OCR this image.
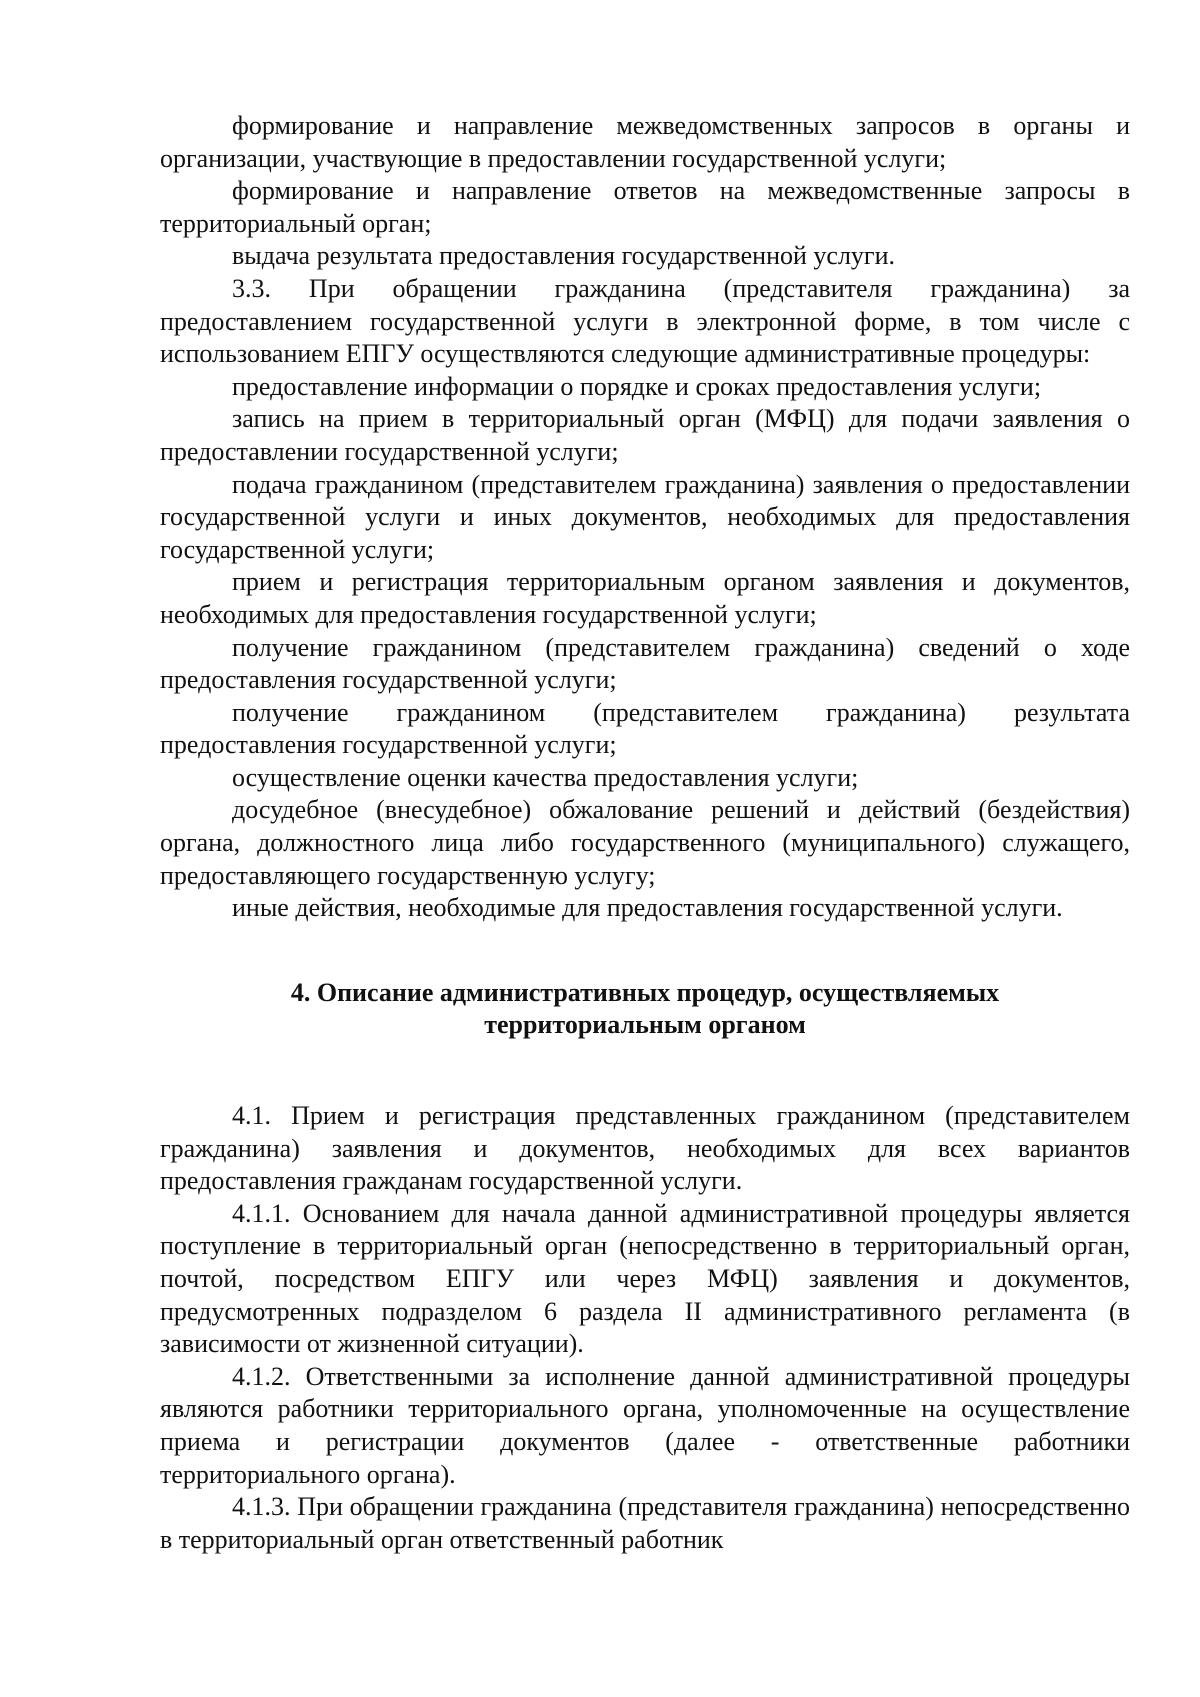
формирование и направление межведомственных запросов в органы и организации, участвующие в предоставлении государственной услуги;

формирование и направление ответов на межведомственные запросы в территориальный орган;

выдача результата предоставления государственной услуги.

3.3. При обращении гражданина (представителя гражданина) за предоставлением государственной услуги в электронной форме, в том числе с использованием ЕПГУ осуществляются следующие административные процедуры:

предоставление информации о порядке и сроках предоставления услуги;

запись на прием в территориальный орган (МФЦ) для подачи заявления о предоставлении государственной услуги;

подача гражданином (представителем гражданина) заявления о предоставлении государственной услуги и иных документов, необходимых для предоставления государственной услуги;

прием и регистрация территориальным органом заявления и документов, необходимых для предоставления государственной услуги;

получение гражданином (представителем гражданина) сведений о ходе предоставления государственной услуги;

получение гражданином (представителем гражданина) результата предоставления государственной услуги;

осуществление оценки качества предоставления услуги;

досудебное (внесудебное) обжалование решений и действий (бездействия) органа, должностного лица либо государственного (муниципального) служащего, предоставляющего государственную услугу;

иные действия, необходимые для предоставления государственной услуги.

4. Описание административных процедур, осуществляемых

территориальным органом

4.1. Прием и регистрация представленных гражданином (представителем гражданина) заявления и документов, необходимых для всех вариантов предоставления гражданам государственной услуги.

4.1.1. Основанием для начала данной административной процедуры является поступление в территориальный орган (непосредственно в территориальный орган, почтой, посредством ЕПГУ или через МФЦ) заявления и документов, предусмотренных подразделом 6 раздела II административного регламента (в зависимости от жизненной ситуации).

4.1.2. Ответственными за исполнение данной административной процедуры являются работники территориального органа, уполномоченные на осуществление приема и регистрации документов (далее - ответственные работники территориального органа).

4.1.3. При обращении гражданина (представителя гражданина) непосредственно в территориальный орган ответственный работник
